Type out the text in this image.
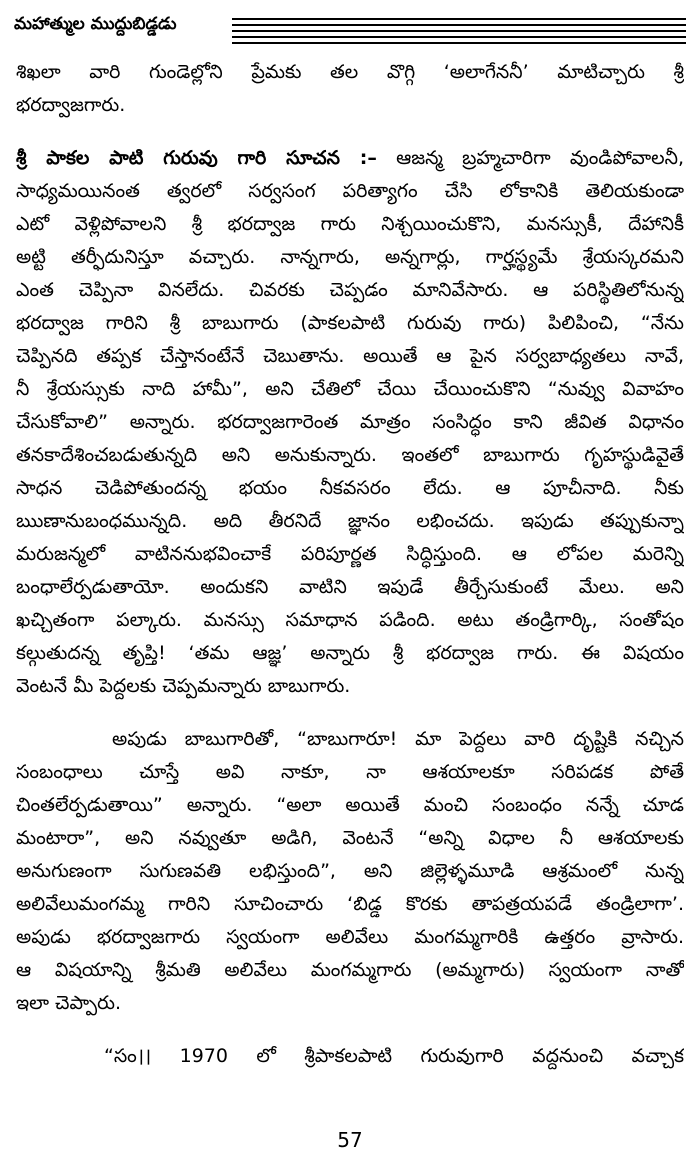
మహాత్ముల ముద్దుబిడ్డడు
శిఖలా వారి గుండెల్లోని ప్రేమకు తల వొగ్గి ‘అలాగేననీ’ మాటిచ్చారు శ్రీ
భరద్వాజగారు.
శ్రీ పాకల పాటి గురువు గారి సూచన :– ఆజన్మ బ్రహ్మచారిగా వుండిపోవాలనీ,
సాధ్యమయినంత త్వరలో సర్వసంగ పరిత్యాగం చేసి లోకానికి తెలియకుండా
ఎటో వెళ్లిపోవాలని శ్రీ భరద్వాజ గారు నిశ్చయించుకొని, మనస్సుకీ, దేహానికీ
అట్టి తర్ఫీదునిస్తూ వచ్చారు. నాన్నగారు, అన్నగార్లు, గార్హస్థ్యమే శ్రేయస్కరమని
ఎంత చెప్పినా వినలేదు. చివరకు చెప్పడం మానివేసారు. ఆ పరిస్థితిలోనున్న
భరద్వాజ గారిని శ్రీ బాబుగారు (పాకలపాటి గురువు గారు) పిలిపించి, “నేను
చెప్పినది తప్పక చేస్తానంటేనే చెబుతాను. అయితే ఆ పైన సర్వబాధ్యతలు నావే,
నీ శ్రేయస్సుకు నాది హామీ”, అని చేతిలో చేయి చేయించుకొని “నువ్వు వివాహం
చేసుకోవాలి” అన్నారు. భరద్వాజగారెంత మాత్రం సంసిద్ధం కాని జీవిత విధానం
తనకాదేశించబడుతున్నది అని అనుకున్నారు. ఇంతలో బాబుగారు గృహస్థుడివైతే
సాధన చెడిపోతుందన్న భయం నీకవసరం లేదు. ఆ పూచీనాది. నీకు
ఋణానుబంధమున్నది. అది తీరనిదే జ్ఞానం లభించదు. ఇపుడు తప్పుకున్నా
మరుజన్మలో వాటిననుభవించాకే పరిపూర్ణత సిద్ధిస్తుంది. ఆ లోపల మరెన్ని
బంధాలేర్పడుతాయో. అందుకని వాటిని ఇపుడే తీర్చేసుకుంటే మేలు. అని
ఖచ్చితంగా పల్కారు. మనస్సు సమాధాన పడింది. అటు తండ్రిగార్కి, సంతోషం
కల్గుతుదన్న తృప్తి! ‘తమ ఆజ్ఞ’ అన్నారు శ్రీ భరద్వాజ గారు. ఈ విషయం
వెంటనే మీ పెద్దలకు చెప్పమన్నారు బాబుగారు.
అపుడు బాబుగారితో, “బాబుగారూ! మా పెద్దలు వారి దృష్టికి నచ్చిన
సంబంధాలు చూస్తే అవి నాకూ, నా ఆశయాలకూ సరిపడక పోతే
చింతలేర్పడుతాయి” అన్నారు. “అలా అయితే మంచి సంబంధం నన్నే చూడ
మంటారా”, అని నవ్వుతూ అడిగి, వెంటనే “అన్ని విధాల నీ ఆశయాలకు
అనుగుణంగా సుగుణవతి లభిస్తుంది”, అని జిల్లెళ్ళమూడి ఆశ్రమంలో నున్న
అలివేలుమంగమ్మ గారిని సూచించారు ‘బిడ్డ కొరకు తాపత్రయపడే తండ్రిలాగా’.
అపుడు భరద్వాజగారు స్వయంగా అలివేలు మంగమ్మగారికి ఉత్తరం వ్రాసారు.
ఆ విషయాన్ని శ్రీమతి అలివేలు మంగమ్మగారు (అమ్మగారు) స్వయంగా నాతో
ఇలా చెప్పారు.
“సం।। 1970 లో శ్రీపాకలపాటి గురువుగారి వద్దనుంచి వచ్చాక
57
